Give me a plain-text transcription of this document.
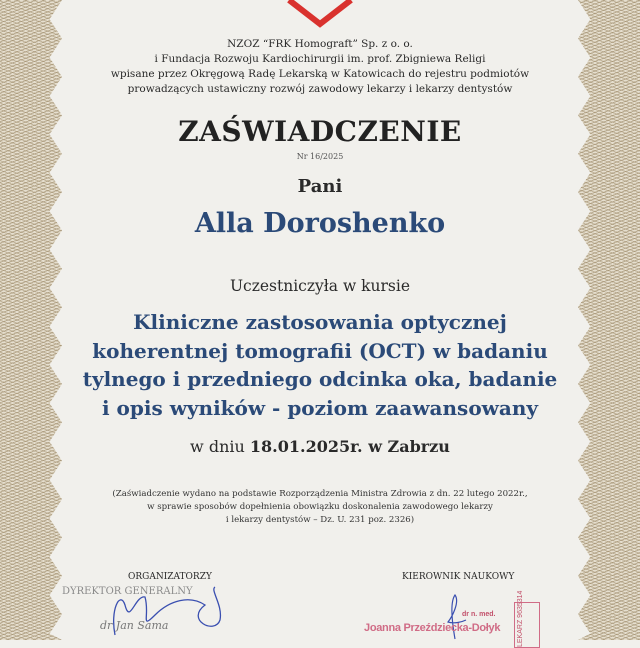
NZOZ “FRK Homograft” Sp. z o. o.
i Fundacja Rozwoju Kardiochirurgii im. prof. Zbigniewa Religi
wpisane przez Okręgową Radę Lekarską w Katowicach do rejestru podmiotów
prowadzących ustawiczny rozwój zawodowy lekarzy i lekarzy dentystów
ZAŚWIADCZENIE
Nr 16/2025
Pani
Alla Doroshenko
Uczestniczyła w kursie
Kliniczne zastosowania optycznej
koherentnej tomografii (OCT) w badaniu
tylnego i przedniego odcinka oka, badanie
i opis wyników - poziom zaawansowany
w dniu 18.01.2025r. w Zabrzu
(Zaświadczenie wydano na podstawie Rozporządzenia Ministra Zdrowia z dn. 22 lutego 2022r.,
w sprawie sposobów dopełnienia obowiązku doskonalenia zawodowego lekarzy
i lekarzy dentystów – Dz. U. 231 poz. 2326)
ORGANIZATORZY	KIEROWNIK NAUKOWY
DYREKTOR GENERALNY
dr Jan Sama
dr n. med.
Joanna Przeździecka-Dołyk	LEKARZ 9635314
